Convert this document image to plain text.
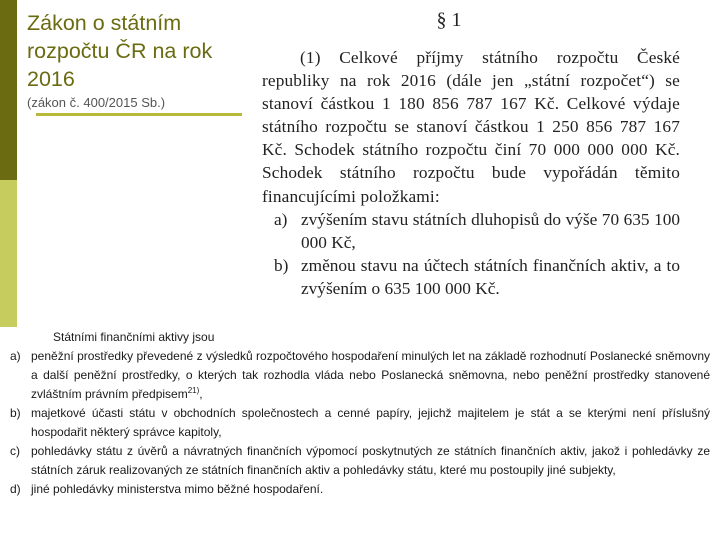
Zákon o státním rozpočtu ČR na rok 2016
(zákon č. 400/2015 Sb.)
§ 1

(1) Celkové příjmy státního rozpočtu České republiky na rok 2016 (dále jen „státní rozpočet“) se stanoví částkou 1 180 856 787 167 Kč. Celkové výdaje státního rozpočtu se stanoví částkou 1 250 856 787 167 Kč. Schodek státního rozpočtu činí 70 000 000 000 Kč. Schodek státního rozpočtu bude vypořádán těmito financujícími položkami:

a) zvýšením stavu státních dluhopisů do výše 70 635 100 000 Kč,

b) změnou stavu na účtech státních finančních aktiv, a to zvýšením o 635 100 000 Kč.

Státními finančními aktivy jsou

a) peněžní prostředky převedené z výsledků rozpočtového hospodaření minulých let na základě rozhodnutí Poslanecké sněmovny a další peněžní prostředky, o kterých tak rozhodla vláda nebo Poslanecká sněmovna, nebo peněžní prostředky stanovené zvláštním právním předpisem$^{21)}$,

b) majetkové účasti státu v obchodních společnostech a cenné papíry, jejichž majitelem je stát a se kterými není příslušný hospodařit některý správce kapitoly,

c) pohledávky státu z úvěrů a návratných finančních výpomocí poskytnutých ze státních finančních aktiv, jakož i pohledávky ze státních záruk realizovaných ze státních finančních aktiv a pohledávky státu, které mu postoupily jiné subjekty,

d) jiné pohledávky ministerstva mimo běžné hospodaření.
